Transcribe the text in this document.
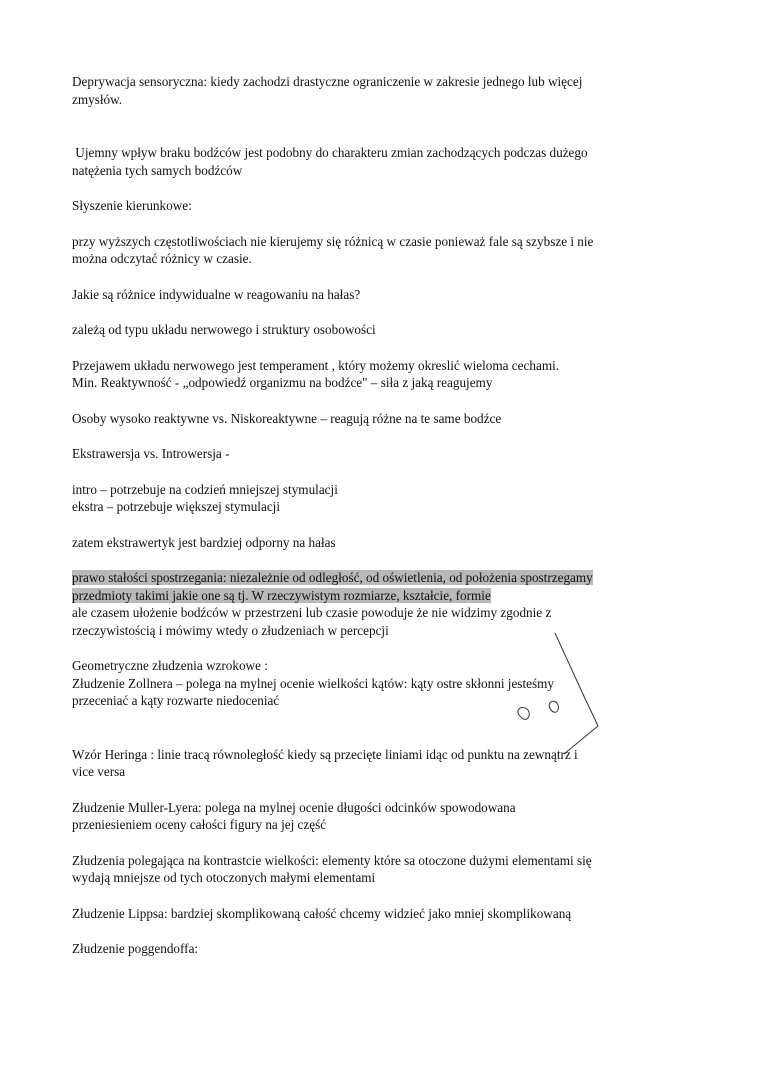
Deprywacja sensoryczna: kiedy zachodzi drastyczne ograniczenie w zakresie jednego lub więcej
zmysłów.
Ujemny wpływ braku bodźców jest podobny do charakteru zmian zachodzących podczas dużego
natężenia tych samych bodźców
Słyszenie kierunkowe:
przy wyższych częstotliwościach nie kierujemy się różnicą w czasie ponieważ fale są szybsze i nie
można odczytać różnicy w czasie.
Jakie są różnice indywidualne w reagowaniu na hałas?
zależą od typu układu nerwowego i struktury osobowości
Przejawem układu nerwowego jest temperament , który możemy okreslić wieloma cechami.
Min. Reaktywność - „odpowiedź organizmu na bodźce" – siła z jaką reagujemy
Osoby wysoko reaktywne vs. Niskoreaktywne – reagują różne na te same bodźce
Ekstrawersja vs. Introwersja -
intro – potrzebuje na codzień mniejszej stymulacji
ekstra – potrzebuje większej stymulacji
zatem ekstrawertyk jest bardziej odporny na hałas
prawo stałości spostrzegania: niezależnie od odległość, od oświetlenia, od położenia spostrzegamy
przedmioty takimi jakie one są tj. W rzeczywistym rozmiarze, kształcie, formie
ale czasem ułożenie bodźców w przestrzeni lub czasie powoduje że nie widzimy zgodnie z
rzeczywistością i mówimy wtedy o złudzeniach w percepcji
Geometryczne złudzenia wzrokowe :
Złudzenie Zollnera – polega na mylnej ocenie wielkości kątów: kąty ostre skłonni jesteśmy
przeceniać a kąty rozwarte niedoceniać
Wzór Heringa : linie tracą równoległość kiedy są przecięte liniami idąc od punktu na zewnątrz i
vice versa
Złudzenie Muller-Lyera: polega na mylnej ocenie długości odcinków spowodowana
przeniesieniem oceny całości figury na jej część
Złudzenia polegająca na kontrastcie wielkości: elementy które sa otoczone dużymi elementami się
wydają mniejsze od tych otoczonych małymi elementami
Złudzenie Lippsa: bardziej skomplikowaną całość chcemy widzieć jako mniej skomplikowaną
Złudzenie poggendoffa:
